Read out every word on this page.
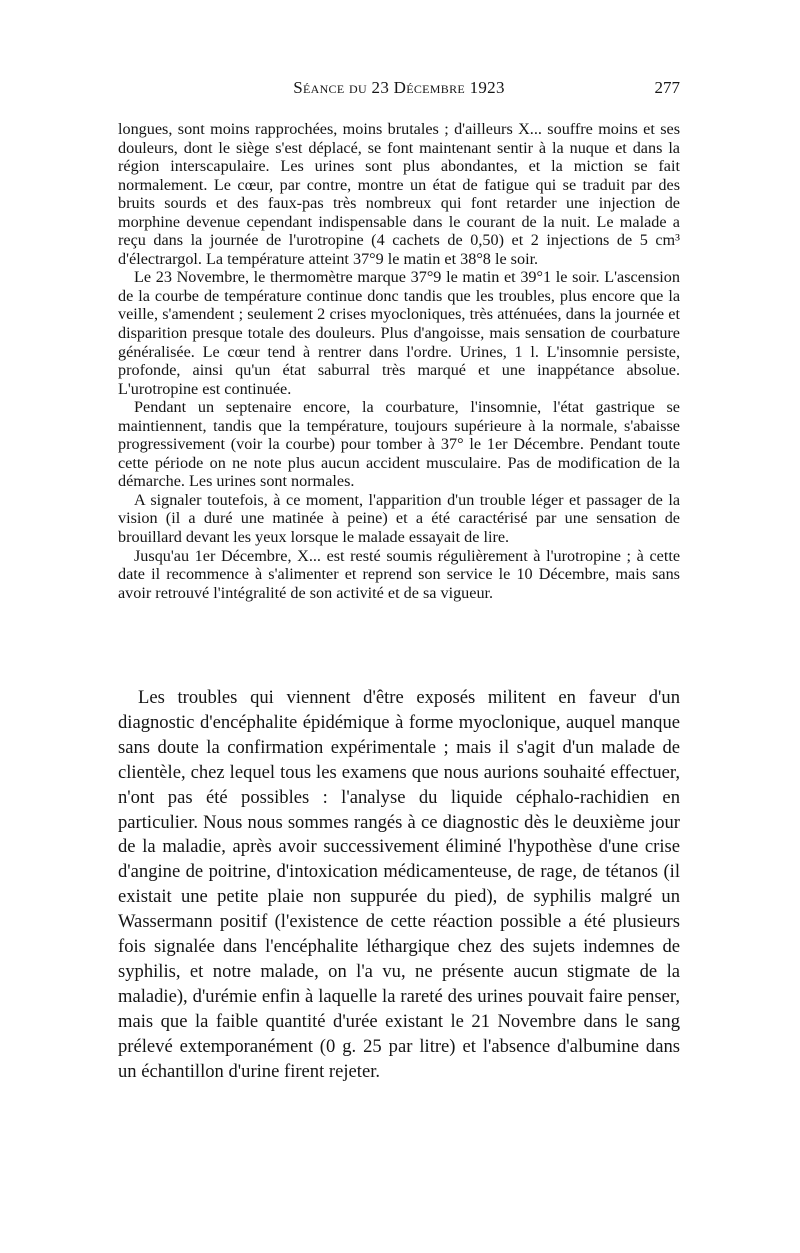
Séance du 23 Décembre 1923	277

longues, sont moins rapprochées, moins brutales ; d'ailleurs X... souffre moins et ses douleurs, dont le siège s'est déplacé, se font maintenant sentir à la nuque et dans la région interscapulaire. Les urines sont plus abondantes, et la miction se fait normalement. Le cœur, par contre, montre un état de fatigue qui se traduit par des bruits sourds et des faux-pas très nombreux qui font retarder une injection de morphine devenue cependant indispensable dans le courant de la nuit. Le malade a reçu dans la journée de l'urotropine (4 cachets de 0,50) et 2 injections de 5 cm³ d'électrargol. La température atteint 37°9 le matin et 38°8 le soir.

Le 23 Novembre, le thermomètre marque 37°9 le matin et 39°1 le soir. L'ascension de la courbe de température continue donc tandis que les troubles, plus encore que la veille, s'amendent ; seulement 2 crises myocloniques, très atténuées, dans la journée et disparition presque totale des douleurs. Plus d'angoisse, mais sensation de courbature généralisée. Le cœur tend à rentrer dans l'ordre. Urines, 1 l. L'insomnie persiste, profonde, ainsi qu'un état saburral très marqué et une inappétance absolue. L'urotropine est continuée.

Pendant un septenaire encore, la courbature, l'insomnie, l'état gastrique se maintiennent, tandis que la température, toujours supérieure à la normale, s'abaisse progressivement (voir la courbe) pour tomber à 37° le 1er Décembre. Pendant toute cette période on ne note plus aucun accident musculaire. Pas de modification de la démarche. Les urines sont normales.

A signaler toutefois, à ce moment, l'apparition d'un trouble léger et passager de la vision (il a duré une matinée à peine) et a été caractérisé par une sensation de brouillard devant les yeux lorsque le malade essayait de lire.

Jusqu'au 1er Décembre, X... est resté soumis régulièrement à l'urotropine ; à cette date il recommence à s'alimenter et reprend son service le 10 Décembre, mais sans avoir retrouvé l'intégralité de son activité et de sa vigueur.

Les troubles qui viennent d'être exposés militent en faveur d'un diagnostic d'encéphalite épidémique à forme myoclonique, auquel manque sans doute la confirmation expérimentale ; mais il s'agit d'un malade de clientèle, chez lequel tous les examens que nous aurions souhaité effectuer, n'ont pas été possibles : l'analyse du liquide céphalo-rachidien en particulier. Nous nous sommes rangés à ce diagnostic dès le deuxième jour de la maladie, après avoir successivement éliminé l'hypothèse d'une crise d'angine de poitrine, d'intoxication médicamenteuse, de rage, de tétanos (il existait une petite plaie non suppurée du pied), de syphilis malgré un Wassermann positif (l'existence de cette réaction possible a été plusieurs fois signalée dans l'encéphalite léthargique chez des sujets indemnes de syphilis, et notre malade, on l'a vu, ne présente aucun stigmate de la maladie), d'urémie enfin à laquelle la rareté des urines pouvait faire penser, mais que la faible quantité d'urée existant le 21 Novembre dans le sang prélevé extemporanément (0 g. 25 par litre) et l'absence d'albumine dans un échantillon d'urine firent rejeter.
